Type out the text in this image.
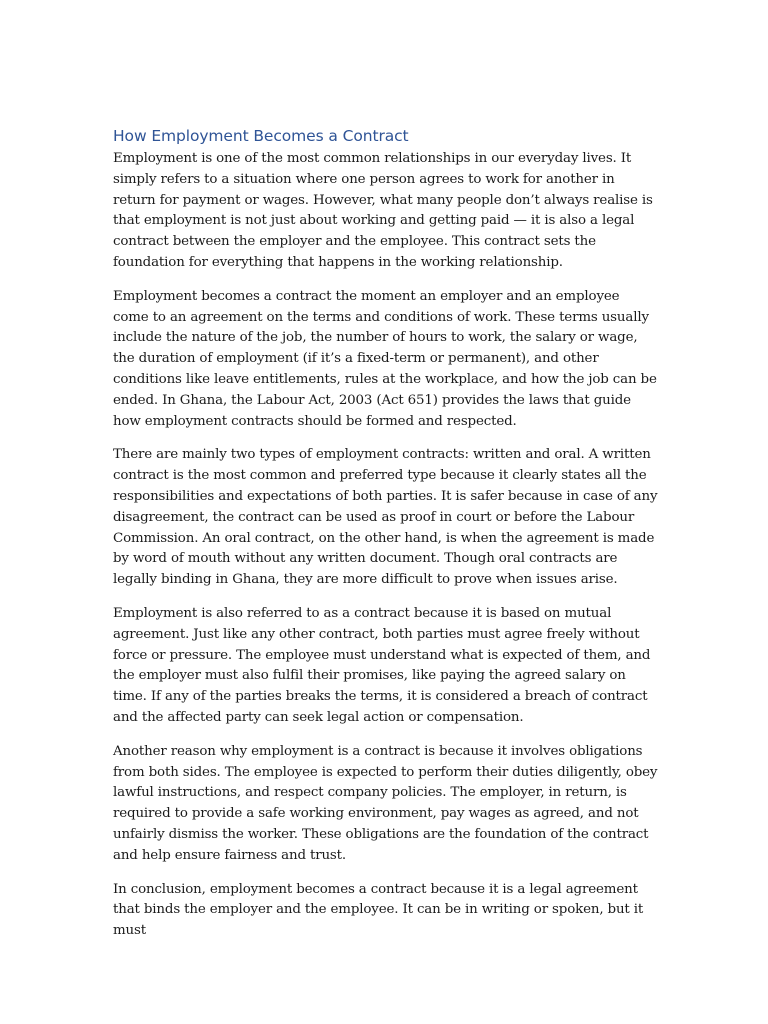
How Employment Becomes a Contract

Employment is one of the most common relationships in our everyday lives. It simply refers to a situation where one person agrees to work for another in return for payment or wages. However, what many people don’t always realise is that employment is not just about working and getting paid — it is also a legal contract between the employer and the employee. This contract sets the foundation for everything that happens in the working relationship.

Employment becomes a contract the moment an employer and an employee come to an agreement on the terms and conditions of work. These terms usually include the nature of the job, the number of hours to work, the salary or wage, the duration of employment (if it’s a fixed-term or permanent), and other conditions like leave entitlements, rules at the workplace, and how the job can be ended. In Ghana, the Labour Act, 2003 (Act 651) provides the laws that guide how employment contracts should be formed and respected.

There are mainly two types of employment contracts: written and oral. A written contract is the most common and preferred type because it clearly states all the responsibilities and expectations of both parties. It is safer because in case of any disagreement, the contract can be used as proof in court or before the Labour Commission. An oral contract, on the other hand, is when the agreement is made by word of mouth without any written document. Though oral contracts are legally binding in Ghana, they are more difficult to prove when issues arise.

Employment is also referred to as a contract because it is based on mutual agreement. Just like any other contract, both parties must agree freely without force or pressure. The employee must understand what is expected of them, and the employer must also fulfil their promises, like paying the agreed salary on time. If any of the parties breaks the terms, it is considered a breach of contract and the affected party can seek legal action or compensation.

Another reason why employment is a contract is because it involves obligations from both sides. The employee is expected to perform their duties diligently, obey lawful instructions, and respect company policies. The employer, in return, is required to provide a safe working environment, pay wages as agreed, and not unfairly dismiss the worker. These obligations are the foundation of the contract and help ensure fairness and trust.

In conclusion, employment becomes a contract because it is a legal agreement that binds the employer and the employee. It can be in writing or spoken, but it must
